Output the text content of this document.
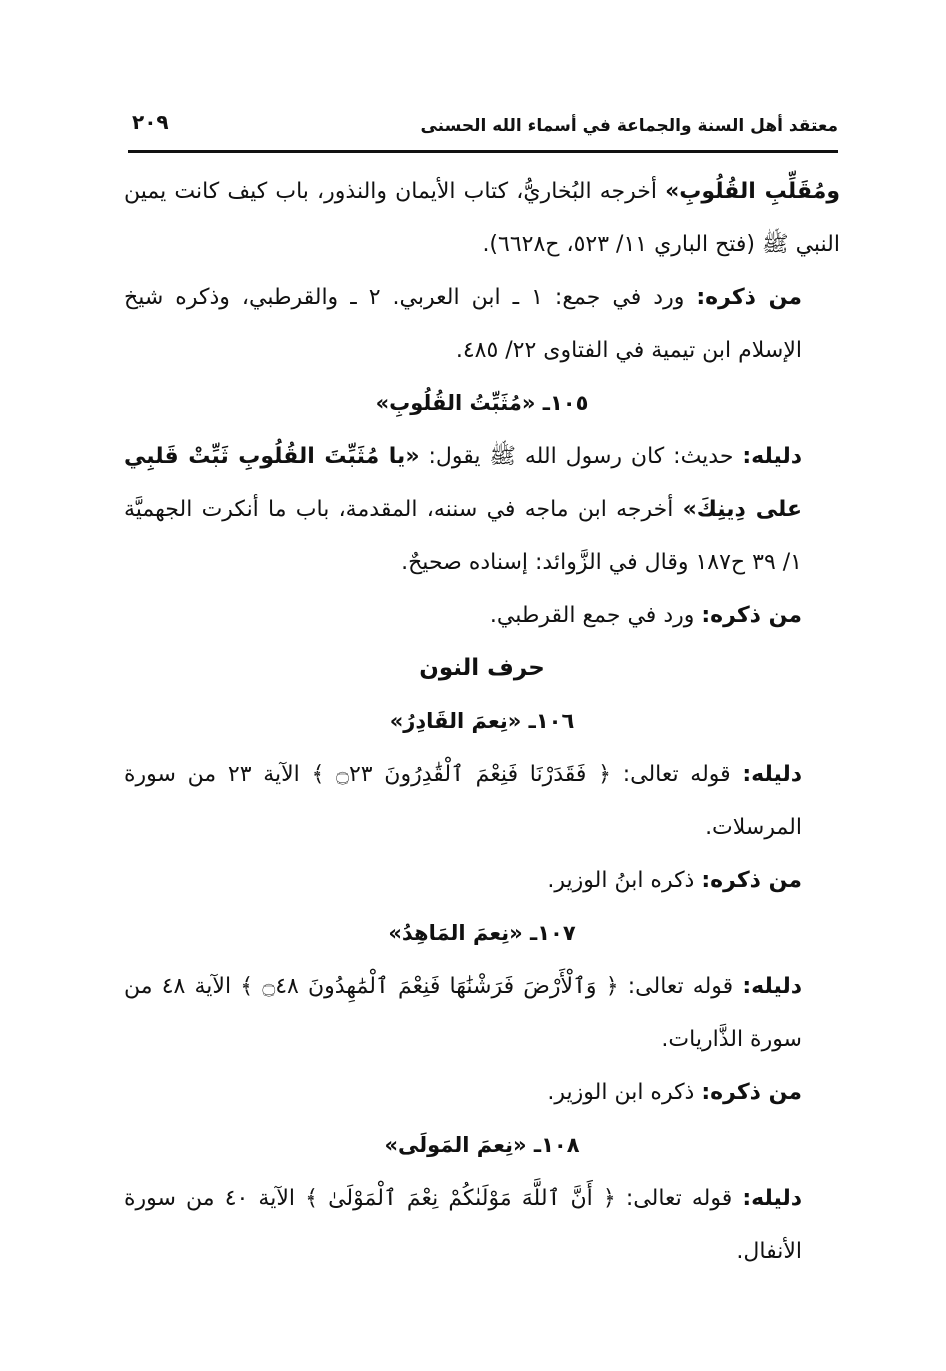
معتقد أهل السنة والجماعة في أسماء الله الحسنى
٢٠٩

ومُقَلِّبِ القُلُوبِ» أخرجه البُخاريُّ، كتاب الأيمان والنذور، باب كيف كانت يمين النبي ﷺ (فتح الباري ١١/ ٥٢٣، ح٦٦٢٨).

من ذكره: ورد في جمع: ١ ـ ابن العربي. ٢ ـ والقرطبي، وذكره شيخ الإسلام ابن تيمية في الفتاوى ٢٢/ ٤٨٥.

١٠٥ـ «مُثَبِّتُ القُلُوبِ»

دليله: حديث: كان رسول الله ﷺ يقول: «يا مُثَبِّتَ القُلُوبِ ثَبِّتْ قَلبِي على دِينِكَ» أخرجه ابن ماجه في سننه، المقدمة، باب ما أنكرت الجهميَّة ١/ ٣٩ ح١٨٧ وقال في الزَّوائد: إسناده صحيحٌ.

من ذكره: ورد في جمع القرطبي.

حرف النون

١٠٦ـ «نِعمَ القَادِرُ»

دليله: قوله تعالى: ﴿ فَقَدَرْنَا فَنِعْمَ ٱلْقَٰدِرُونَ ۝٢٣ ﴾ الآية ٢٣ من سورة المرسلات.

من ذكره: ذكره ابنُ الوزير.

١٠٧ـ «نِعمَ المَاهِدُ»

دليله: قوله تعالى: ﴿ وَٱلْأَرْضَ فَرَشْنَٰهَا فَنِعْمَ ٱلْمَٰهِدُونَ ۝٤٨ ﴾ الآية ٤٨ من سورة الذَّاريات.

من ذكره: ذكره ابن الوزير.

١٠٨ـ «نِعمَ المَولَى»

دليله: قوله تعالى: ﴿ أَنَّ ٱللَّهَ مَوْلَىٰكُمْ نِعْمَ ٱلْمَوْلَىٰ ﴾ الآية ٤٠ من سورة الأنفال.
